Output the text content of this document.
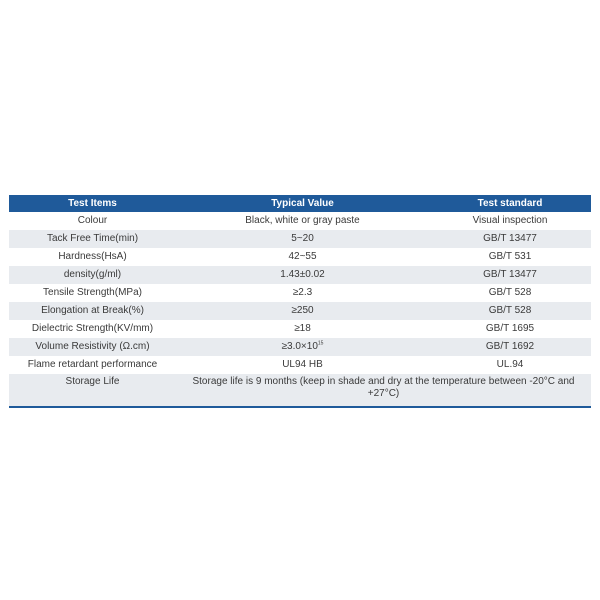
Test Items	Typical Value	Test standard
Colour	Black, white or gray paste	Visual inspection
Tack Free Time(min)	5~20	GB/T 13477
Hardness(HsA)	42~55	GB/T 531
density(g/ml)	1.43±0.02	GB/T 13477
Tensile Strength(MPa)	≥2.3	GB/T 528
Elongation at Break(%)	≥250	GB/T 528
Dielectric Strength(KV/mm)	≥18	GB/T 1695
Volume Resistivity (Ω.cm)	$\ge 3.0\times 10^{15}$	GB/T 1692
Flame retardant performance	UL94 HB	UL.94
Storage Life	Storage life is 9 months (keep in shade and dry at the temperature between -20°C and +27°C)	
